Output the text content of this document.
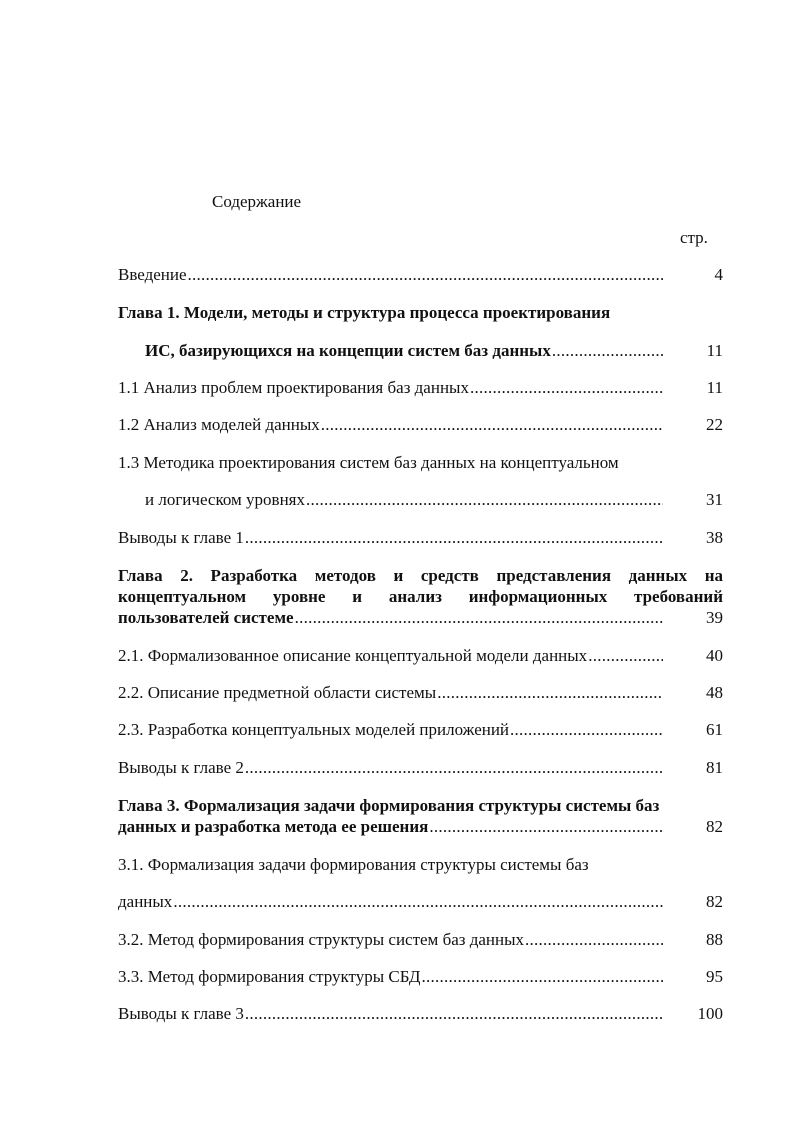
Содержание
стр.
Введение . . .	4
Глава 1. Модели, методы и структура процесса проектирования
ИС, базирующихся на концепции систем баз данных . . .	11
1.1 Анализ проблем проектирования баз данных . . .	11
1.2 Анализ моделей данных . . .	22
1.3 Методика проектирования систем баз данных на концептуальном
и логическом уровнях . . .	31
Выводы к главе 1 . . .	38
Глава 2. Разработка методов и средств представления данных на
концептуальном уровне и анализ информационных требований
пользователей системе . . .	39
2.1. Формализованное описание концептуальной модели данных . . .	40
2.2. Описание предметной области системы . . .	48
2.3. Разработка концептуальных моделей приложений . . .	61
Выводы к главе 2 . . .	81
Глава 3. Формализация задачи формирования структуры системы баз
данных и разработка метода ее решения . . .	82
3.1. Формализация задачи формирования структуры системы баз
данных . . .	82
3.2. Метод формирования структуры систем баз данных . . .	88
3.3. Метод формирования структуры СБД . . .	95
Выводы к главе 3 . . .	100
